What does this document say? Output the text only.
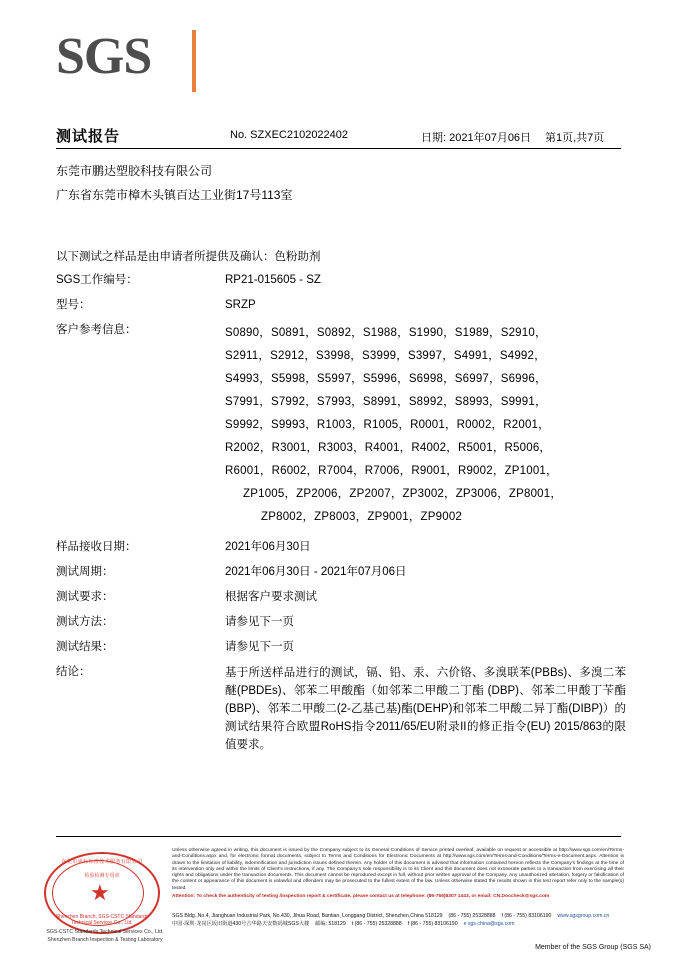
SGS
测试报告	No. SZXEC2102022402	日期: 2021年07月06日 第1页,共7页
东莞市鹏达塑胶科技有限公司
广东省东莞市樟木头镇百达工业街17号113室
以下测试之样品是由申请者所提供及确认：色粉助剂
SGS工作编号：	RP21-015605 - SZ
型号：	SRZP
客户参考信息：	S0890，S0891，S0892，S1988，S1990，S1989，S2910，
S2911，S2912，S3998，S3999，S3997，S4991，S4992，
S4993，S5998，S5997，S5996，S6998，S6997，S6996，
S7991，S7992，S7993，S8991，S8992，S8993，S9991，
S9992，S9993，R1003，R1005，R0001，R0002，R2001，
R2002，R3001，R3003，R4001，R4002，R5001，R5006，
R6001，R6002，R7004，R7006，R9001，R9002，ZP1001，
ZP1005，ZP2006，ZP2007，ZP3002，ZP3006，ZP8001，
ZP8002，ZP8003，ZP9001，ZP9002
样品接收日期：	2021年06月30日
测试周期：	2021年06月30日 - 2021年07月06日
测试要求：	根据客户要求测试
测试方法：	请参见下一页
测试结果：	请参见下一页
结论：	基于所送样品进行的测试，镉、铅、汞、六价铬、多溴联苯(PBBs)、多溴二苯醚(PBDEs)、邻苯二甲酸酯（如邻苯二甲酸二丁酯 (DBP)、邻苯二甲酸丁苄酯(BBP)、邻苯二甲酸二(2-乙基己基)酯(DEHP)和邻苯二甲酸二异丁酯(DIBP)）的测试结果符合欧盟RoHS指令2011/65/EU附录II的修正指令(EU) 2015/863的限值要求。
东莞市通标标准技术服务有限公司
检验检测专用章
★
Shenzhen Branch, SGS-CSTC Standards Technical Services Co., Ltd.
SGS-CSTC Standards Technical Services Co., Ltd. Shenzhen Branch Inspection & Testing Laboratory
Unless otherwise agreed in writing, this document is issued by the Company subject to its General Conditions of Service printed overleaf, available on request or accessible at http://www.sgs.com/en/Terms-and-Conditions.aspx and, for electronic format documents, subject to Terms and Conditions for Electronic Documents at http://www.sgs.com/en/Terms-and-Conditions/Terms-e-Document.aspx. Attention is drawn to the limitation of liability, indemnification and jurisdiction issues defined therein. Any holder of this document is advised that information contained hereon reflects the Company's findings at the time of its intervention only and within the limits of Client's instructions, if any. The Company's sole responsibility is to its Client and this document does not exonerate parties to a transaction from exercising all their rights and obligations under the transaction documents. This document cannot be reproduced except in full, without prior written approval of the Company. Any unauthorized alteration, forgery or falsification of the content or appearance of this document is unlawful and offenders may be prosecuted to the fullest extent of the law. Unless otherwise stated the results shown in this test report refer only to the sample(s) tested.
Attention: To check the authenticity of testing /inspection report & certificate, please contact us at telephone: (86-755)8307 1443, or email: CN.Doccheck@sgs.com
SGS Bldg.,No.4, Jianghuan Industrial Park, No.430, Jihua Road, Bantian, Longgang District, Shenzhen,China 518129 (86 - 755) 25328888 f (86 - 755) 83106190 www.sgsgroup.com.cn
中国·深圳·龙岗区坂田街道430号吉华路天安数码城SGS大楼 邮编: 518129 t (86 - 755) 25328888 f (86 - 755) 83106190 e sgs.china@sgs.com
Member of the SGS Group (SGS SA)
